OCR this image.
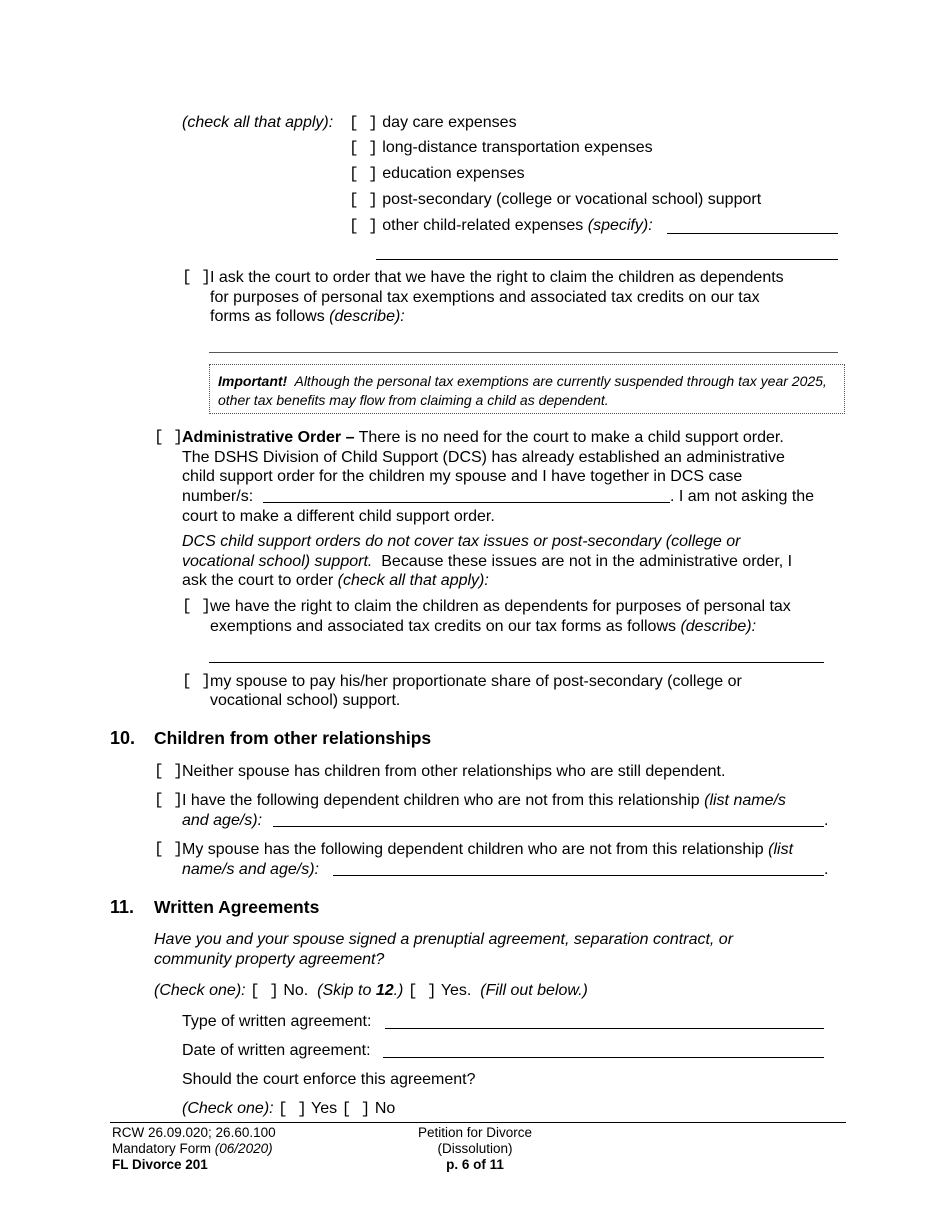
(check all that apply): [ ] day care expenses
[ ] long-distance transportation expenses
[ ] education expenses
[ ] post-secondary (college or vocational school) support
[ ] other child-related expenses (specify):
[ ] I ask the court to order that we have the right to claim the children as dependents
for purposes of personal tax exemptions and associated tax credits on our tax
forms as follows (describe):
Important! Although the personal tax exemptions are currently suspended through tax year 2025,
other tax benefits may flow from claiming a child as dependent.
[ ] Administrative Order – There is no need for the court to make a child support order.
The DSHS Division of Child Support (DCS) has already established an administrative
child support order for the children my spouse and I have together in DCS case
number/s:	. I am not asking the
court to make a different child support order.
DCS child support orders do not cover tax issues or post-secondary (college or
vocational school) support. Because these issues are not in the administrative order, I
ask the court to order (check all that apply):
[ ] we have the right to claim the children as dependents for purposes of personal tax
exemptions and associated tax credits on our tax forms as follows (describe):
[ ] my spouse to pay his/her proportionate share of post-secondary (college or
vocational school) support.
10. Children from other relationships
[ ] Neither spouse has children from other relationships who are still dependent.
[ ] I have the following dependent children who are not from this relationship (list name/s
and age/s):	.
[ ] My spouse has the following dependent children who are not from this relationship (list
name/s and age/s):	.
11. Written Agreements
Have you and your spouse signed a prenuptial agreement, separation contract, or
community property agreement?
(Check one): [ ] No. (Skip to 12.) [ ] Yes. (Fill out below.)
Type of written agreement:
Date of written agreement:
Should the court enforce this agreement?
(Check one): [ ] Yes [ ] No
RCW 26.09.020; 26.60.100
Mandatory Form (06/2020)
FL Divorce 201
Petition for Divorce
(Dissolution)
p. 6 of 11
